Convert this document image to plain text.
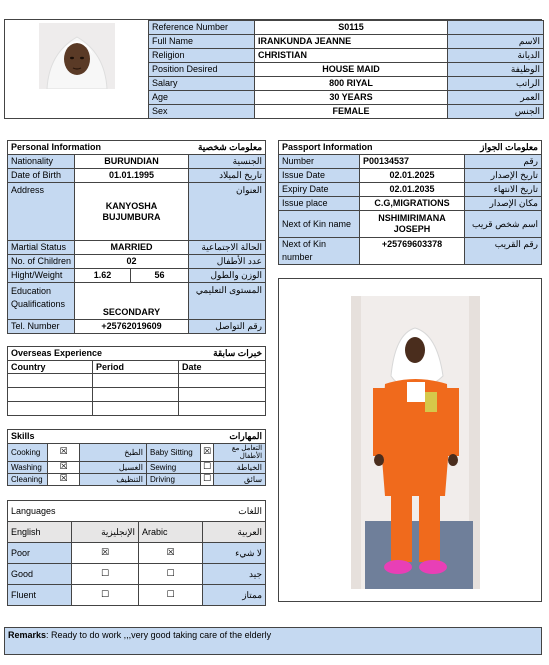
Reference Number	S0115	
Full Name	IRANKUNDA JEANNE	الاسم
Religion	CHRISTIAN	الديانة
Position Desired	HOUSE MAID	الوظيفة
Salary	800 RIYAL	الراتب
Age	30 YEARS	العمر
Sex	FEMALE	الجنس
Personal Information		معلومات شخصية	
Nationality	BURUNDIAN		الجنسية
Date of Birth	01.01.1995		تاريخ الميلاد
Address	KANYOSHA
BUJUMBURA		العنوان
Martial Status	MARRIED		الحالة الاجتماعية
No. of Children	02		عدد الأطفال
Hight/Weight	1.62	56	الوزن والطول
Education Qualifications	SECONDARY		المستوى التعليمي
Tel. Number	+25762019609		رقم التواصل
Passport Information		معلومات الجواز
Number	P00134537	رقم
Issue Date	02.01.2025	تاريخ الإصدار
Expiry Date	02.01.2035	تاريخ الانتهاء
Issue place	C.G,MIGRATIONS	مكان الإصدار
Next of Kin name	NSHIMIRIMANA
JOSEPH	اسم شخص قريب
Next of Kin number	+25769603378	رقم القريب
Overseas Experience		خبرات سابقة
Country	Period	Date

Skills			المهارات		
Cooking	☒	الطبخ	Baby Sitting	☒	التعامل مع الأطفال
Washing	☒	الغسيل	Sewing	☐	الخياطة
Cleaning	☒	التنظيف	Driving	☐	سائق
Languages		اللغات	
English	الإنجليزية	Arabic	العربية
Poor	☒	☒	لا شيء
Good	☐	☐	جيد
Fluent	☐	☐	ممتاز
Remarks: Ready to do work ,,,very good taking care of the elderly
